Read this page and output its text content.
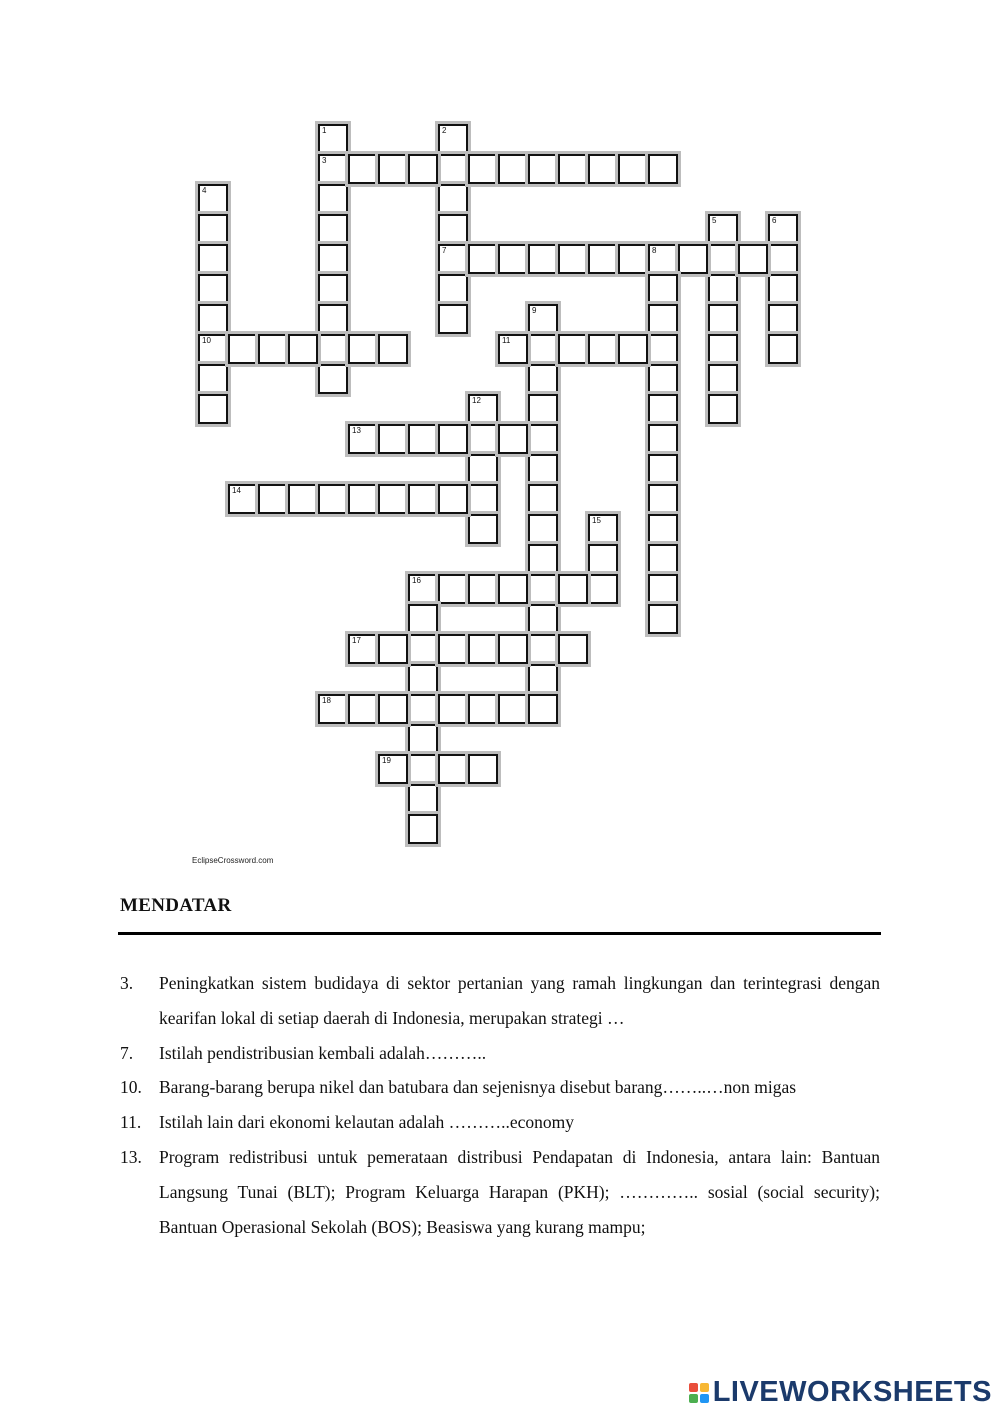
1
3
2
7
4
10
5	6
8
9
11
12
13
14
15
16
17
18
19
EclipseCrossword.com
MENDATAR
3. Peningkatkan sistem budidaya di sektor pertanian yang ramah lingkungan dan terintegrasi dengan kearifan lokal di setiap daerah di Indonesia, merupakan strategi …
7. Istilah pendistribusian kembali adalah………..
10. Barang-barang berupa nikel dan batubara dan sejenisnya disebut barang……..…non migas
11. Istilah lain dari ekonomi kelautan adalah ………..economy
13. Program redistribusi untuk pemerataan distribusi Pendapatan di Indonesia, antara lain: Bantuan Langsung Tunai (BLT); Program Keluarga Harapan (PKH); ………….. sosial (social security); Bantuan Operasional Sekolah (BOS); Beasiswa yang kurang mampu;
LIVEWORKSHEETS
